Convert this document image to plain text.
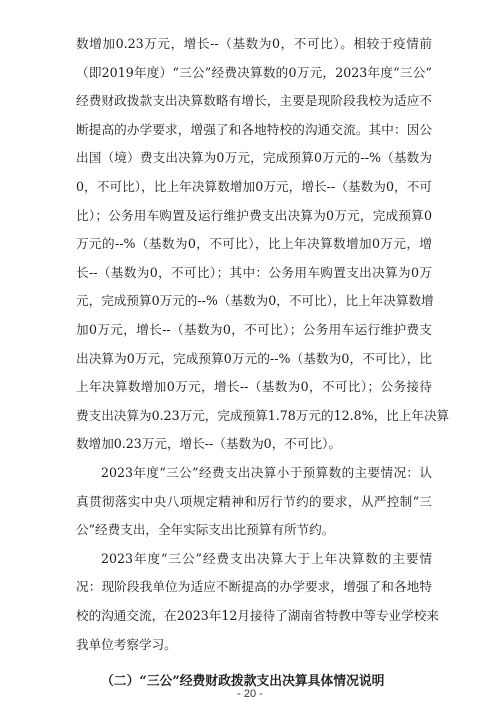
数增加0.23万元，增长--（基数为0，不可比）。相较于疫情前
（即2019年度）“三公”经费决算数的0万元，2023年度“三公”
经费财政拨款支出决算数略有增长，主要是现阶段我校为适应不
断提高的办学要求，增强了和各地特校的沟通交流。其中：因公
出国（境）费支出决算为0万元，完成预算0万元的--%（基数为
0，不可比），比上年决算数增加0万元，增长--（基数为0，不可
比）；公务用车购置及运行维护费支出决算为0万元，完成预算0
万元的--%（基数为0，不可比），比上年决算数增加0万元，增
长--（基数为0，不可比）；其中：公务用车购置支出决算为0万
元，完成预算0万元的--%（基数为0，不可比），比上年决算数增
加0万元，增长--（基数为0，不可比）；公务用车运行维护费支
出决算为0万元，完成预算0万元的--%（基数为0，不可比），比
上年决算数增加0万元，增长--（基数为0，不可比）；公务接待
费支出决算为0.23万元，完成预算1.78万元的12.8%，比上年决算
数增加0.23万元，增长--（基数为0，不可比）。
2023年度“三公”经费支出决算小于预算数的主要情况：认
真贯彻落实中央八项规定精神和厉行节约的要求，从严控制“三
公”经费支出，全年实际支出比预算有所节约。
2023年度“三公”经费支出决算大于上年决算数的主要情
况：现阶段我单位为适应不断提高的办学要求，增强了和各地特
校的沟通交流，在2023年12月接待了湖南省特教中等专业学校来
我单位考察学习。
（二）“三公”经费财政拨款支出决算具体情况说明
- 20 -
